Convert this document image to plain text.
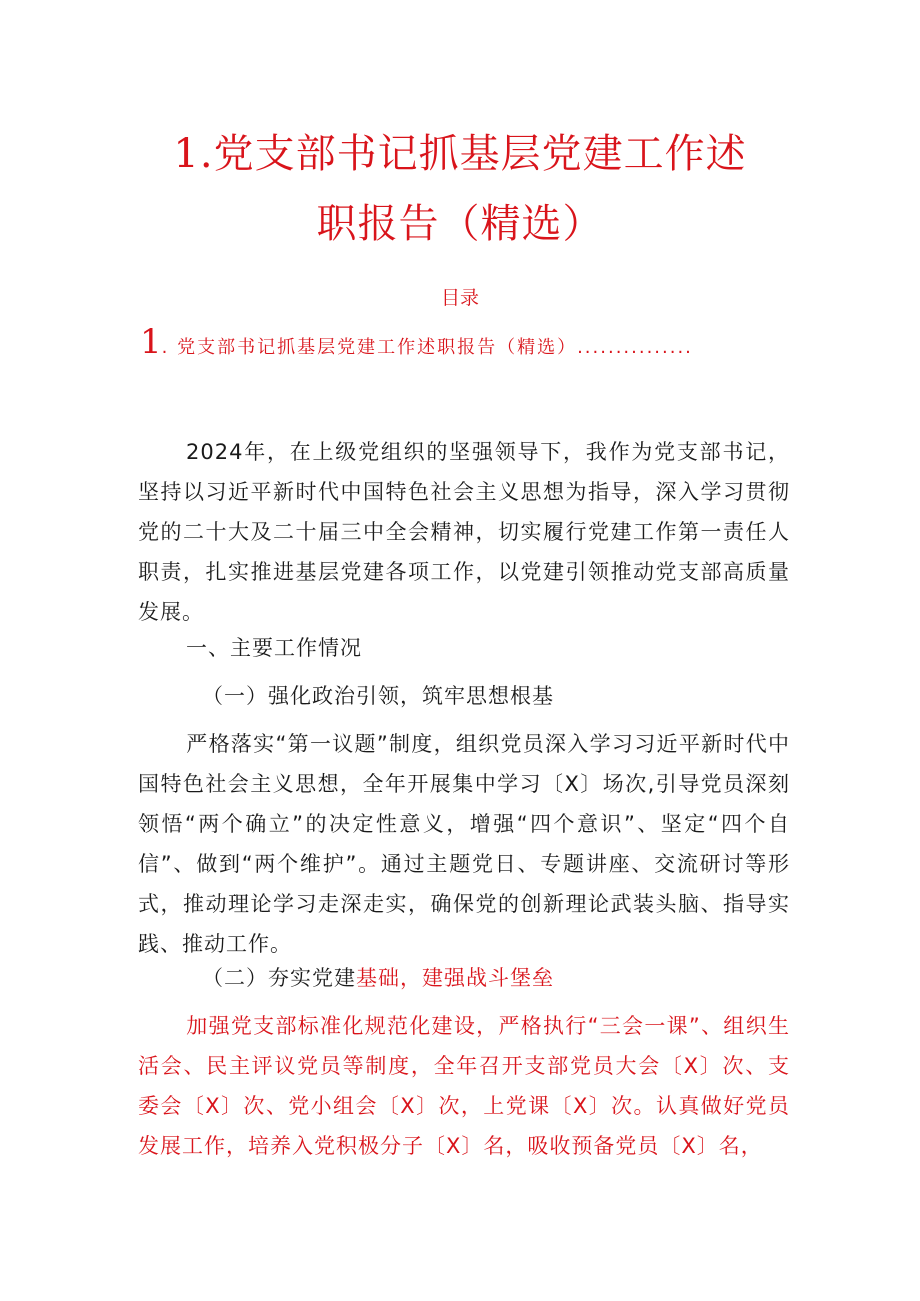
1.党支部书记抓基层党建工作述
职报告（精选）
目录
1. 党支部书记抓基层党建工作述职报告（精选）...............
2024年，在上级党组织的坚强领导下，我作为党支部书记，坚持以习近平新时代中国特色社会主义思想为指导，深入学习贯彻党的二十大及二十届三中全会精神，切实履行党建工作第一责任人职责，扎实推进基层党建各项工作，以党建引领推动党支部高质量发展。
一、主要工作情况
（一）强化政治引领，筑牢思想根基
严格落实“第一议题”制度，组织党员深入学习习近平新时代中国特色社会主义思想，全年开展集中学习〔X〕场次,引导党员深刻领悟“两个确立”的决定性意义，增强“四个意识”、坚定“四个自信”、做到“两个维护”。通过主题党日、专题讲座、交流研讨等形式，推动理论学习走深走实，确保党的创新理论武装头脑、指导实践、推动工作。
（二）夯实党建基础，建强战斗堡垒
加强党支部标准化规范化建设，严格执行“三会一课”、组织生活会、民主评议党员等制度，全年召开支部党员大会〔X〕次、支委会〔X〕次、党小组会〔X〕次，上党课〔X〕次。认真做好党员发展工作，培养入党积极分子〔X〕名，吸收预备党员〔X〕名，
